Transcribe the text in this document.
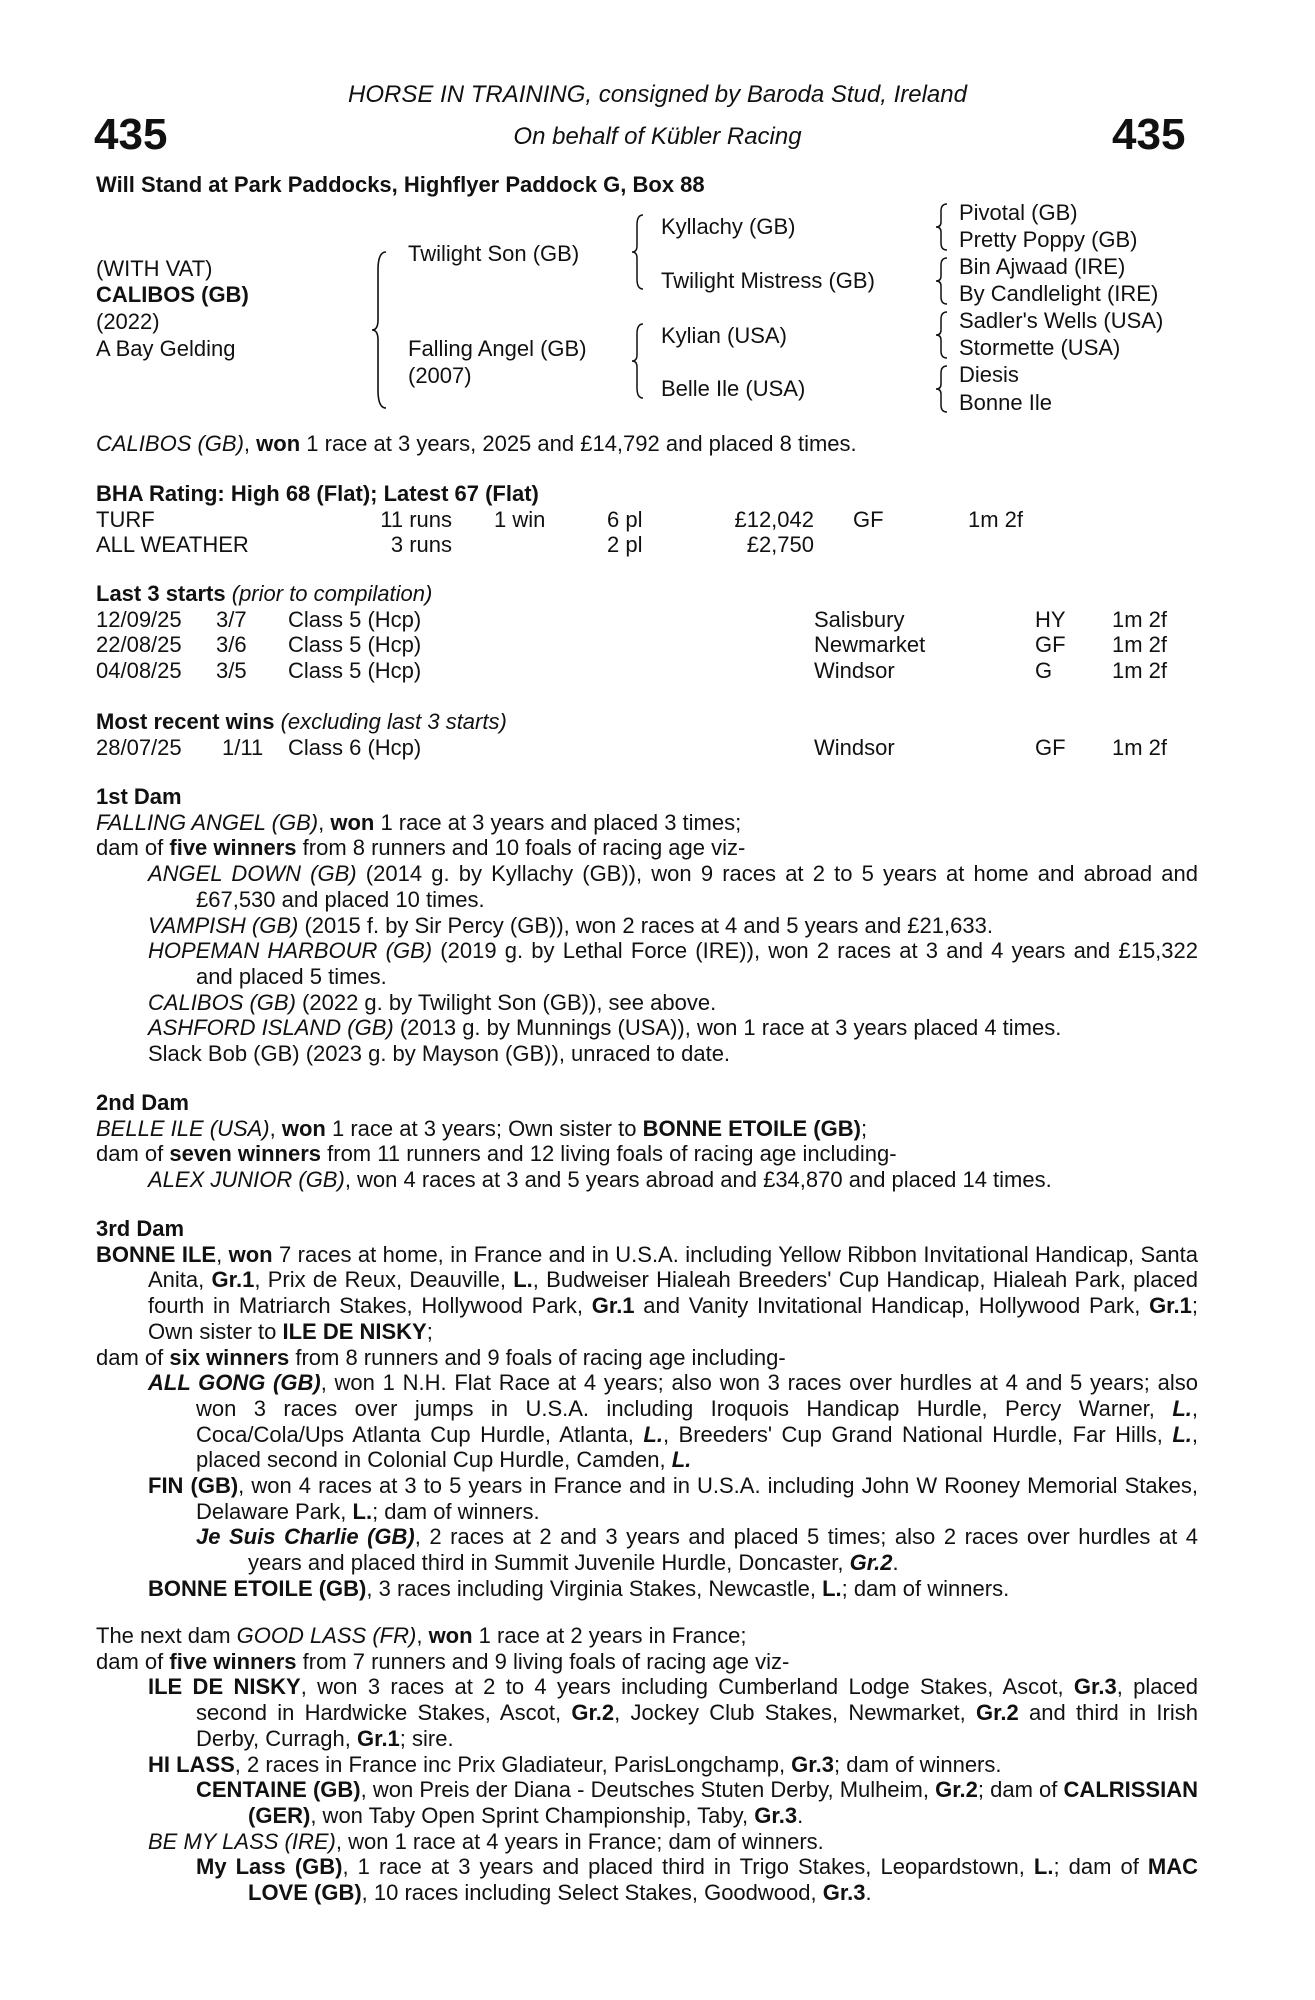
HORSE IN TRAINING, consigned by Baroda Stud, Ireland
435	On behalf of Kübler Racing	435
Will Stand at Park Paddocks, Highflyer Paddock G, Box 88
(WITH VAT)
CALIBOS (GB)
(2022)
A Bay Gelding
Twilight Son (GB)
Falling Angel (GB)
(2007)
Kyllachy (GB)
Twilight Mistress (GB)
Kylian (USA)
Belle Ile (USA)
Pivotal (GB)
Pretty Poppy (GB)
Bin Ajwaad (IRE)
By Candlelight (IRE)
Sadler's Wells (USA)
Stormette (USA)
Diesis
Bonne Ile
CALIBOS (GB), won 1 race at 3 years, 2025 and £14,792 and placed 8 times.
BHA Rating: High 68 (Flat); Latest 67 (Flat)
TURF	11 runs 1 win	6 pl	£12,042 GF	1m 2f
ALL WEATHER	3 runs	2 pl	£2,750
Last 3 starts (prior to compilation)
12/09/25 3/7 Class 5 (Hcp)	Salisbury	HY 1m 2f
22/08/25 3/6 Class 5 (Hcp)	Newmarket	GF 1m 2f
04/08/25 3/5 Class 5 (Hcp)	Windsor	G	1m 2f
Most recent wins (excluding last 3 starts)
28/07/25 1/11 Class 6 (Hcp)	Windsor	GF 1m 2f
1st Dam
FALLING ANGEL (GB), won 1 race at 3 years and placed 3 times;
dam of five winners from 8 runners and 10 foals of racing age viz-
ANGEL DOWN (GB) (2014 g. by Kyllachy (GB)), won 9 races at 2 to 5 years at home and abroad and £67,530 and placed 10 times.
VAMPISH (GB) (2015 f. by Sir Percy (GB)), won 2 races at 4 and 5 years and £21,633.
HOPEMAN HARBOUR (GB) (2019 g. by Lethal Force (IRE)), won 2 races at 3 and 4 years and £15,322 and placed 5 times.
CALIBOS (GB) (2022 g. by Twilight Son (GB)), see above.
ASHFORD ISLAND (GB) (2013 g. by Munnings (USA)), won 1 race at 3 years placed 4 times.
Slack Bob (GB) (2023 g. by Mayson (GB)), unraced to date.
2nd Dam
BELLE ILE (USA), won 1 race at 3 years; Own sister to BONNE ETOILE (GB);
dam of seven winners from 11 runners and 12 living foals of racing age including-
ALEX JUNIOR (GB), won 4 races at 3 and 5 years abroad and £34,870 and placed 14 times.
3rd Dam
BONNE ILE, won 7 races at home, in France and in U.S.A. including Yellow Ribbon Invitational Handicap, Santa Anita, Gr.1, Prix de Reux, Deauville, L., Budweiser Hialeah Breeders' Cup Handicap, Hialeah Park, placed fourth in Matriarch Stakes, Hollywood Park, Gr.1 and Vanity Invitational Handicap, Hollywood Park, Gr.1; Own sister to ILE DE NISKY;
dam of six winners from 8 runners and 9 foals of racing age including-
ALL GONG (GB), won 1 N.H. Flat Race at 4 years; also won 3 races over hurdles at 4 and 5 years; also won 3 races over jumps in U.S.A. including Iroquois Handicap Hurdle, Percy Warner, L., Coca/Cola/Ups Atlanta Cup Hurdle, Atlanta, L., Breeders' Cup Grand National Hurdle, Far Hills, L., placed second in Colonial Cup Hurdle, Camden, L.
FIN (GB), won 4 races at 3 to 5 years in France and in U.S.A. including John W Rooney Memorial Stakes, Delaware Park, L.; dam of winners.
Je Suis Charlie (GB), 2 races at 2 and 3 years and placed 5 times; also 2 races over hurdles at 4 years and placed third in Summit Juvenile Hurdle, Doncaster, Gr.2.
BONNE ETOILE (GB), 3 races including Virginia Stakes, Newcastle, L.; dam of winners.
The next dam GOOD LASS (FR), won 1 race at 2 years in France;
dam of five winners from 7 runners and 9 living foals of racing age viz-
ILE DE NISKY, won 3 races at 2 to 4 years including Cumberland Lodge Stakes, Ascot, Gr.3, placed second in Hardwicke Stakes, Ascot, Gr.2, Jockey Club Stakes, Newmarket, Gr.2 and third in Irish Derby, Curragh, Gr.1; sire.
HI LASS, 2 races in France inc Prix Gladiateur, ParisLongchamp, Gr.3; dam of winners.
CENTAINE (GB), won Preis der Diana - Deutsches Stuten Derby, Mulheim, Gr.2; dam of CALRISSIAN (GER), won Taby Open Sprint Championship, Taby, Gr.3.
BE MY LASS (IRE), won 1 race at 4 years in France; dam of winners.
My Lass (GB), 1 race at 3 years and placed third in Trigo Stakes, Leopardstown, L.; dam of MAC LOVE (GB), 10 races including Select Stakes, Goodwood, Gr.3.
